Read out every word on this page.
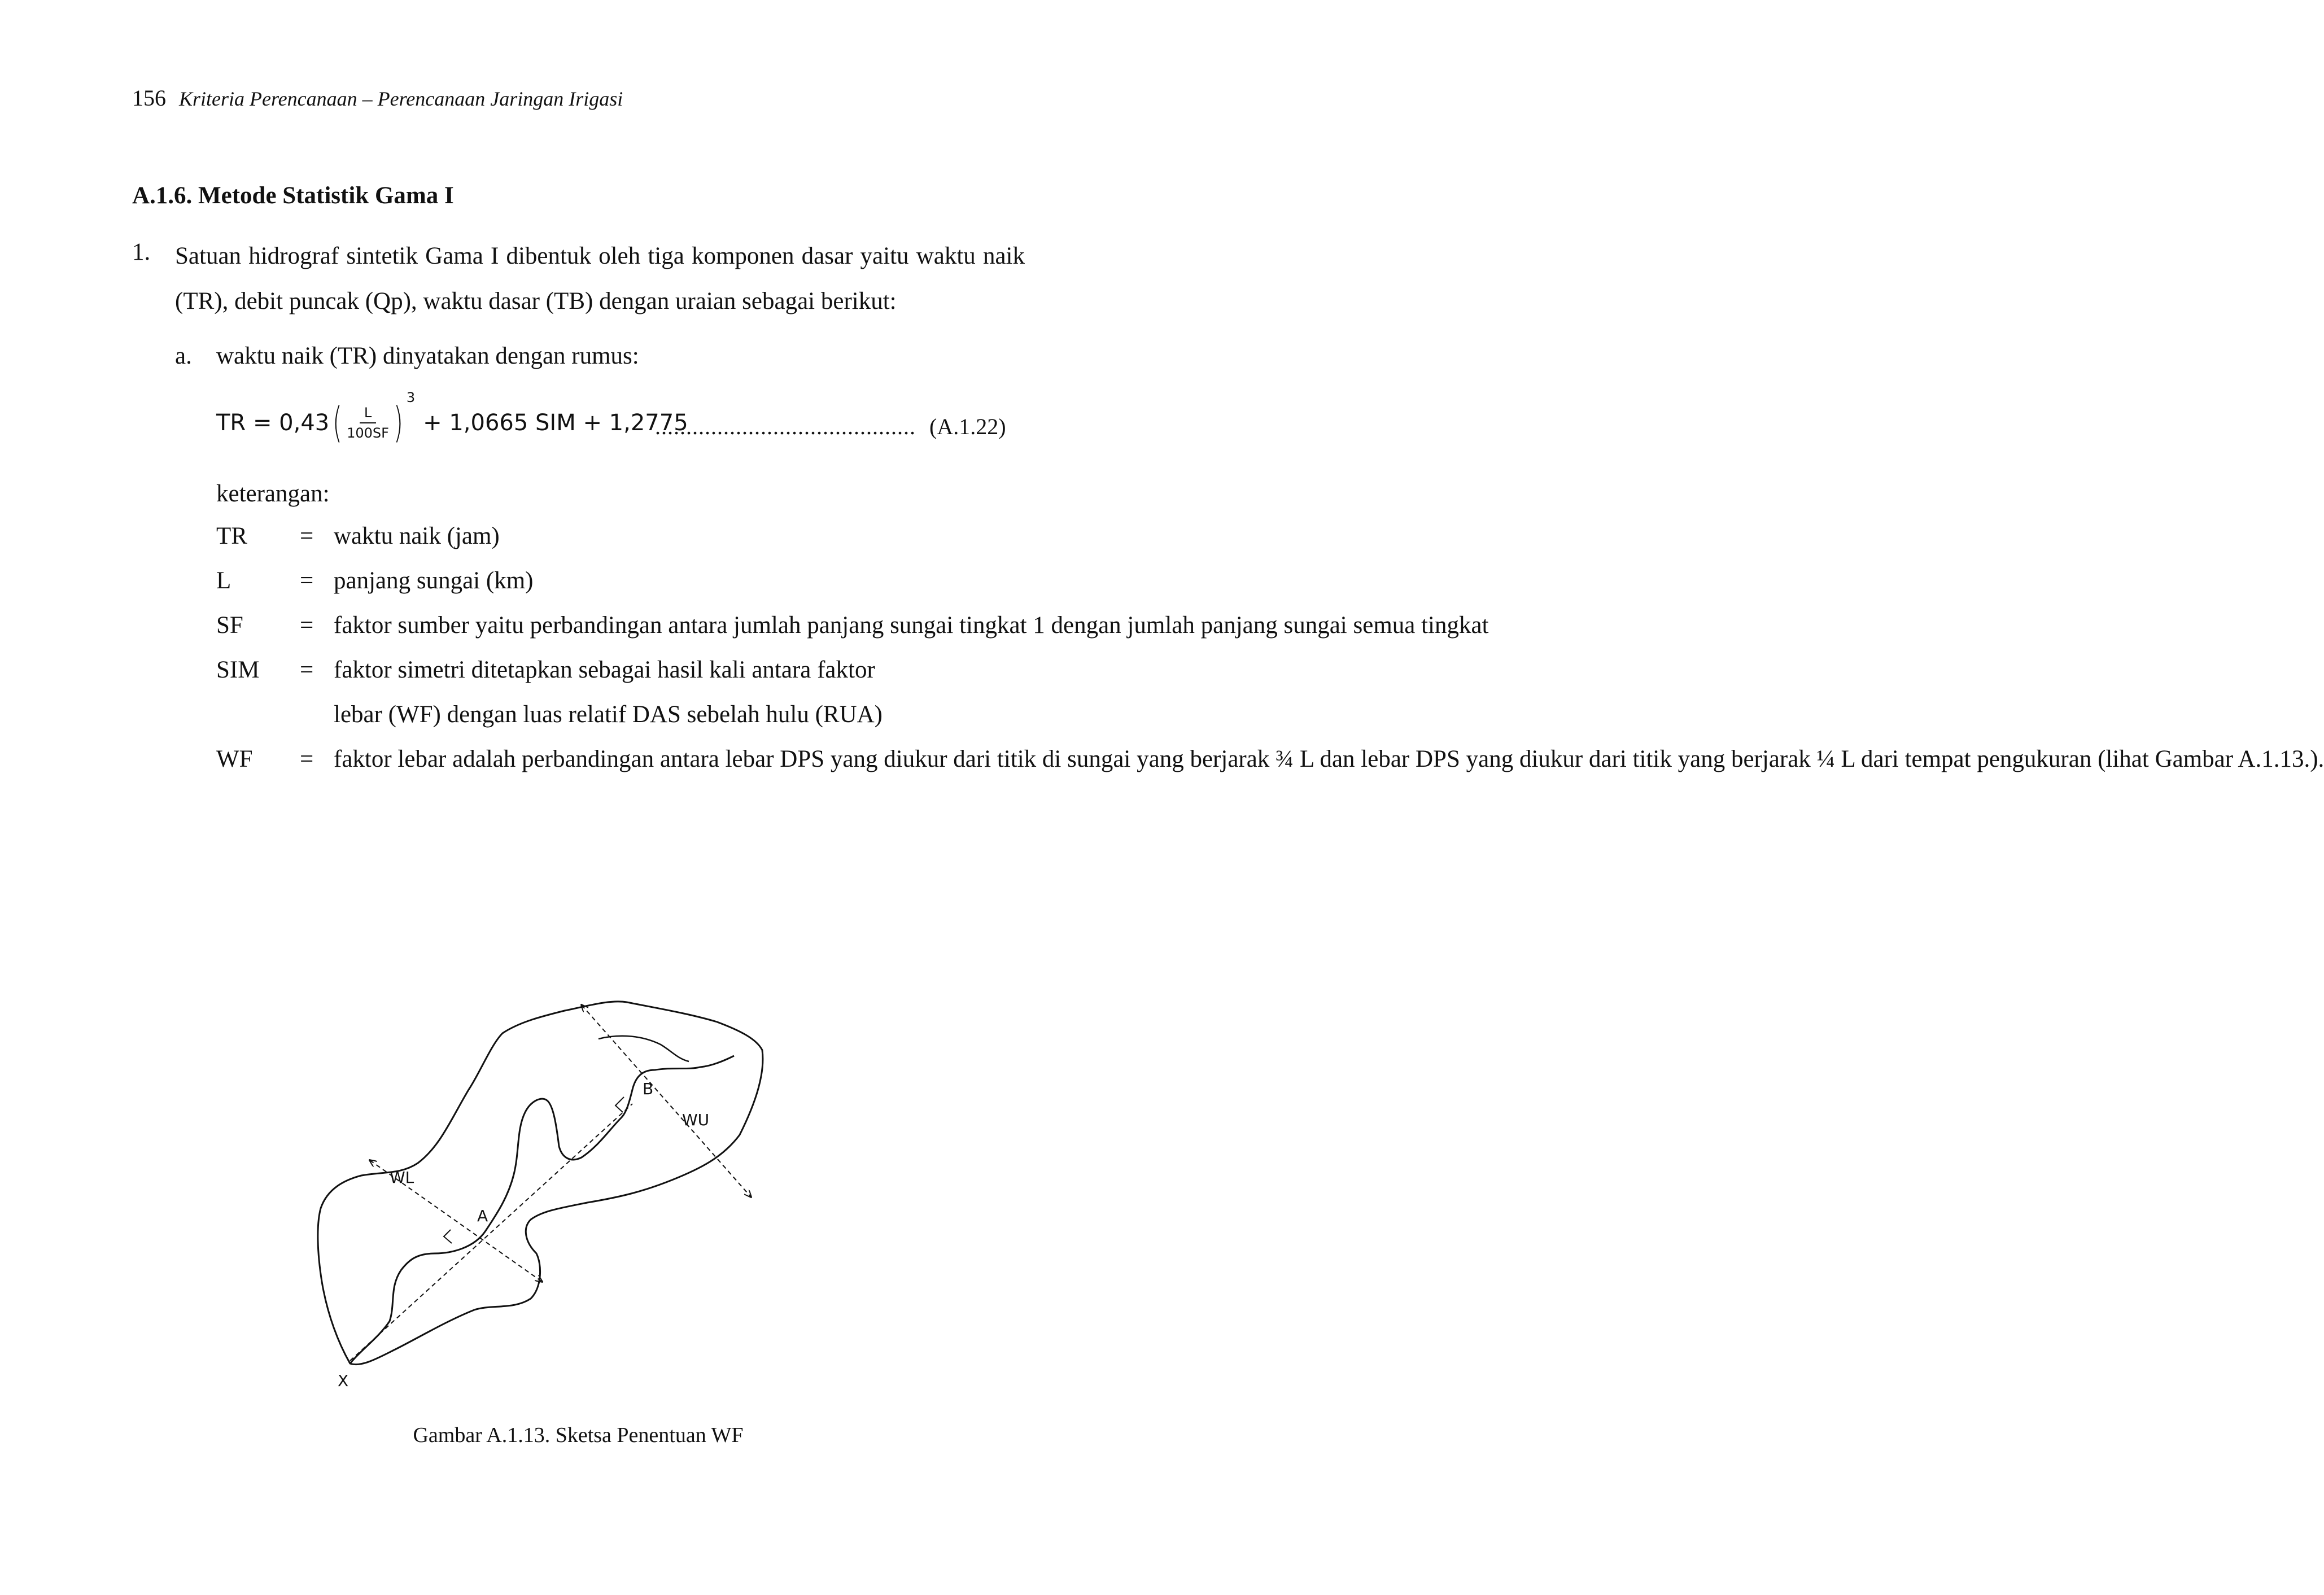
156 Kriteria Perencanaan – Perencanaan Jaringan Irigasi
A.1.6. Metode Statistik Gama I
1. Satuan hidrograf sintetik Gama I dibentuk oleh tiga komponen dasar yaitu waktu naik (TR), debit puncak (Qp), waktu dasar (TB) dengan uraian sebagai berikut:
a. waktu naik (TR) dinyatakan dengan rumus:
TR = 0,43 ( $\frac{L}{100SF}$ )
3
+ 1,0665 SIM + 1,2775
.......................................... (A.1.22)
keterangan:
TR = waktu naik (jam)
L	= panjang sungai (km)
SF = faktor sumber yaitu perbandingan antara jumlah panjang sungai tingkat 1 dengan jumlah panjang sungai semua tingkat
SIM = faktor simetri ditetapkan sebagai hasil kali antara faktor
lebar (WF) dengan luas relatif DAS sebelah hulu (RUA)
WF = faktor lebar adalah perbandingan antara lebar DPS yang diukur dari titik di sungai yang berjarak ¾ L dan lebar DPS yang diukur dari titik yang berjarak ¼ L dari tempat pengukuran (lihat Gambar A.1.13.).
B
WU
WL
A
X
Gambar A.1.13. Sketsa Penentuan WF
